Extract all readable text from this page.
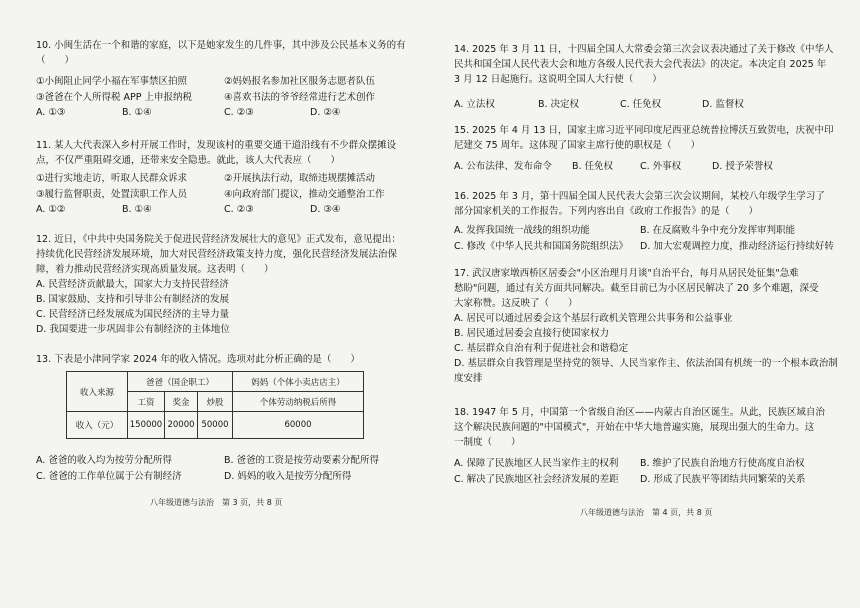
10. 小闽生活在一个和谐的家庭，以下是她家发生的几件事，其中涉及公民基本义务的有
（　　）
①小闽阻止同学小福在军事禁区拍照	②妈妈报名参加社区服务志愿者队伍
③爸爸在个人所得税 APP 上申报纳税	④喜欢书法的爷爷经常进行艺术创作
A. ①③	B. ①④	C. ②③	D. ②④
11. 某人大代表深入乡村开展工作时，发现该村的重要交通干道沿线有不少群众摆摊设
点，不仅严重阻碍交通，还带来安全隐患。就此，该人大代表应（　　）
①进行实地走访，听取人民群众诉求	②开展执法行动，取缔违规摆摊活动
③履行监督职责，处置渎职工作人员	④向政府部门提议，推动交通整治工作
A. ①②	B. ①④	C. ②③	D. ③④
12. 近日，《中共中央国务院关于促进民营经济发展壮大的意见》正式发布，意见提出：
持续优化民营经济发展环境，加大对民营经济政策支持力度，强化民营经济发展法治保
障，着力推动民营经济实现高质量发展。这表明（　　）
A. 民营经济贡献最大，国家大力支持民营经济
B. 国家鼓励、支持和引导非公有制经济的发展
C. 民营经济已经发展成为国民经济的主导力量
D. 我国要进一步巩固非公有制经济的主体地位
13. 下表是小津同学家 2024 年的收入情况。选项对此分析正确的是（　　）
收入来源	爸爸（国企职工）			妈妈（个体小卖店店主）
	工资	奖金	炒股	个体劳动纳税后所得
收入（元）	150000	20000	50000	60000
A. 爸爸的收入均为按劳分配所得	B. 爸爸的工资是按劳动要素分配所得
C. 爸爸的工作单位属于公有制经济	D. 妈妈的收入是按劳分配所得
八年级道德与法治　第 3 页，共 8 页
14. 2025 年 3 月 11 日，十四届全国人大常委会第三次会议表决通过了关于修改《中华人
民共和国全国人民代表大会和地方各级人民代表大会代表法》的决定。本决定自 2025 年
3 月 12 日起施行。这说明全国人大行使（　　）
A. 立法权	B. 决定权	C. 任免权	D. 监督权
15. 2025 年 4 月 13 日，国家主席习近平同印度尼西亚总统普拉博沃互致贺电，庆祝中印
尼建交 75 周年。这体现了国家主席行使的职权是（　　）
A. 公布法律、发布命令 B. 任免权	C. 外事权	D. 授予荣誉权
16. 2025 年 3 月，第十四届全国人民代表大会第三次会议期间，某校八年级学生学习了
部分国家机关的工作报告。下列内容出自《政府工作报告》的是（　　）
A. 发挥我国统一战线的组织功能	B. 在反腐败斗争中充分发挥审判职能
C. 修改《中华人民共和国国务院组织法》 D. 加大宏观调控力度，推动经济运行持续好转
17. 武汉唐家墩西桥区居委会"小区治理月月谈"自治平台，每月从居民处征集"急难
愁盼"问题，通过有关方面共同解决。截至目前已为小区居民解决了 20 多个难题，深受
大家称赞。这反映了（　　）
A. 居民可以通过居委会这个基层行政机关管理公共事务和公益事业
B. 居民通过居委会直接行使国家权力
C. 基层群众自治有利于促进社会和谐稳定
D. 基层群众自我管理是坚持党的领导、人民当家作主、依法治国有机统一的一个根本政治制
度安排
18. 1947 年 5 月，中国第一个省级自治区——内蒙古自治区诞生。从此，民族区域自治
这个解决民族问题的"中国模式"，开始在中华大地普遍实施，展现出强大的生命力。这
一制度（　　）
A. 保障了民族地区人民当家作主的权利 B. 维护了民族自治地方行使高度自治权
C. 解决了民族地区社会经济发展的差距 D. 形成了民族平等团结共同繁荣的关系
八年级道德与法治　第 4 页，共 8 页
